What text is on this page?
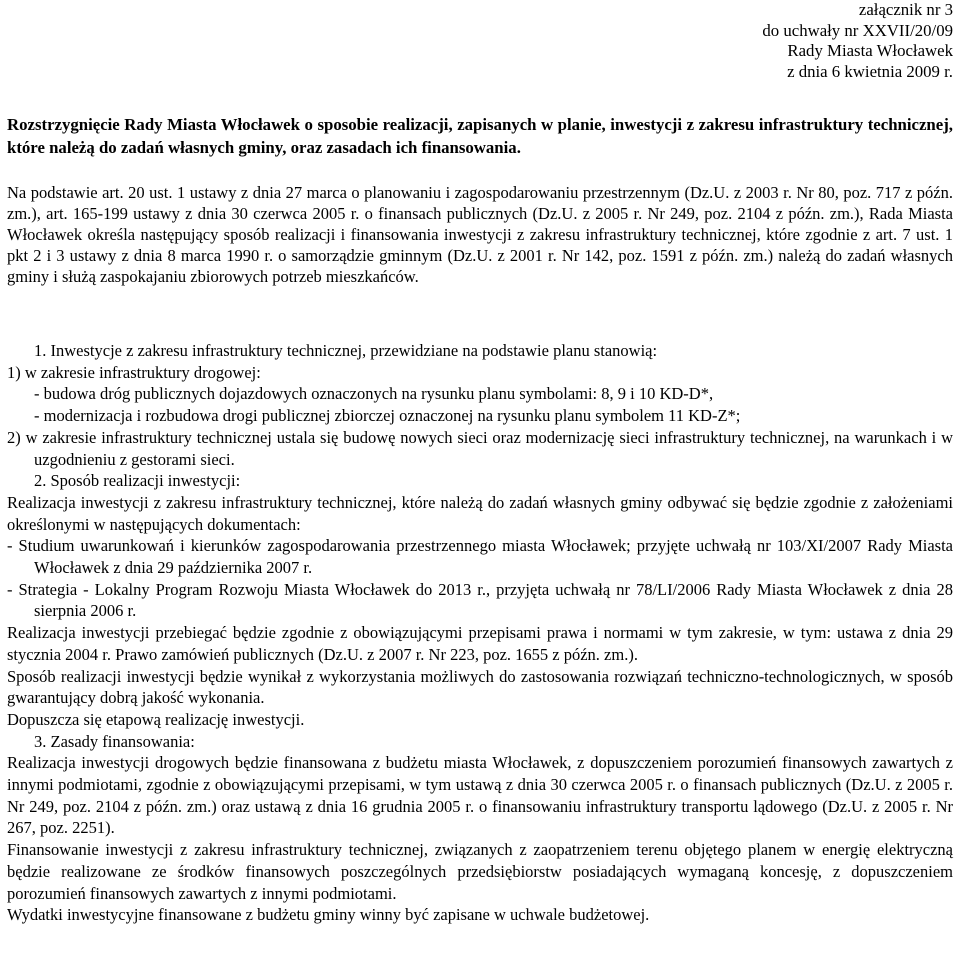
załącznik nr 3
do uchwały nr XXVII/20/09
Rady Miasta Włocławek
z dnia 6 kwietnia 2009 r.
Rozstrzygnięcie Rady Miasta Włocławek o sposobie realizacji, zapisanych w planie, inwestycji z zakresu infrastruktury technicznej, które należą do zadań własnych gminy, oraz zasadach ich finansowania.

Na podstawie art. 20 ust. 1 ustawy z dnia 27 marca o planowaniu i zagospodarowaniu przestrzennym (Dz.U. z 2003 r. Nr 80, poz. 717 z późn. zm.), art. 165-199 ustawy z dnia 30 czerwca 2005 r. o finansach publicznych (Dz.U. z 2005 r. Nr 249, poz. 2104 z późn. zm.), Rada Miasta Włocławek określa następujący sposób realizacji i finansowania inwestycji z zakresu infrastruktury technicznej, które zgodnie z art. 7 ust. 1 pkt 2 i 3 ustawy z dnia 8 marca 1990 r. o samorządzie gminnym (Dz.U. z 2001 r. Nr 142, poz. 1591 z późn. zm.) należą do zadań własnych gminy i służą zaspokajaniu zbiorowych potrzeb mieszkańców.

1. Inwestycje z zakresu infrastruktury technicznej, przewidziane na podstawie planu stanowią:

1) w zakresie infrastruktury drogowej:

- budowa dróg publicznych dojazdowych oznaczonych na rysunku planu symbolami: 8, 9 i 10 KD-D*,

- modernizacja i rozbudowa drogi publicznej zbiorczej oznaczonej na rysunku planu symbolem 11 KD-Z*;

2) w zakresie infrastruktury technicznej ustala się budowę nowych sieci oraz modernizację sieci infrastruktury technicznej, na warunkach i w uzgodnieniu z gestorami sieci.

2. Sposób realizacji inwestycji:

Realizacja inwestycji z zakresu infrastruktury technicznej, które należą do zadań własnych gminy odbywać się będzie zgodnie z założeniami określonymi w następujących dokumentach:

- Studium uwarunkowań i kierunków zagospodarowania przestrzennego miasta Włocławek; przyjęte uchwałą nr 103/XI/2007 Rady Miasta Włocławek z dnia 29 października 2007 r.

- Strategia - Lokalny Program Rozwoju Miasta Włocławek do 2013 r., przyjęta uchwałą nr 78/LI/2006 Rady Miasta Włocławek z dnia 28 sierpnia 2006 r.

Realizacja inwestycji przebiegać będzie zgodnie z obowiązującymi przepisami prawa i normami w tym zakresie, w tym: ustawa z dnia 29 stycznia 2004 r. Prawo zamówień publicznych (Dz.U. z 2007 r. Nr 223, poz. 1655 z późn. zm.).

Sposób realizacji inwestycji będzie wynikał z wykorzystania możliwych do zastosowania rozwiązań techniczno-technologicznych, w sposób gwarantujący dobrą jakość wykonania.

Dopuszcza się etapową realizację inwestycji.

3. Zasady finansowania:

Realizacja inwestycji drogowych będzie finansowana z budżetu miasta Włocławek, z dopuszczeniem porozumień finansowych zawartych z innymi podmiotami, zgodnie z obowiązującymi przepisami, w tym ustawą z dnia 30 czerwca 2005 r. o finansach publicznych (Dz.U. z 2005 r. Nr 249, poz. 2104 z późn. zm.) oraz ustawą z dnia 16 grudnia 2005 r. o finansowaniu infrastruktury transportu lądowego (Dz.U. z 2005 r. Nr 267, poz. 2251).

Finansowanie inwestycji z zakresu infrastruktury technicznej, związanych z zaopatrzeniem terenu objętego planem w energię elektryczną będzie realizowane ze środków finansowych poszczególnych przedsiębiorstw posiadających wymaganą koncesję, z dopuszczeniem porozumień finansowych zawartych z innymi podmiotami.

Wydatki inwestycyjne finansowane z budżetu gminy winny być zapisane w uchwale budżetowej.
